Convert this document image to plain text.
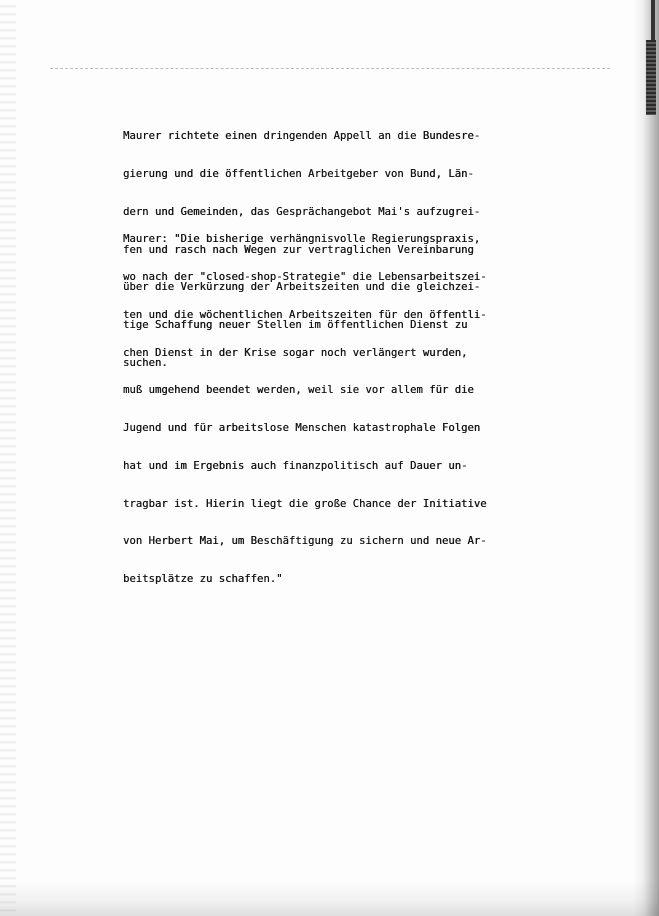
Maurer richtete einen dringenden Appell an die Bundesre-

gierung und die öffentlichen Arbeitgeber von Bund, Län-

dern und Gemeinden, das Gesprächangebot Mai's aufzugrei-

fen und rasch nach Wegen zur vertraglichen Vereinbarung

über die Verkürzung der Arbeitszeiten und die gleichzei-

tige Schaffung neuer Stellen im öffentlichen Dienst zu

suchen.

Maurer: "Die bisherige verhängnisvolle Regierungspraxis,

wo nach der "closed-shop-Strategie" die Lebensarbeitszei-

ten und die wöchentlichen Arbeitszeiten für den öffentli-

chen Dienst in der Krise sogar noch verlängert wurden,

muß umgehend beendet werden, weil sie vor allem für die

Jugend und für arbeitslose Menschen katastrophale Folgen

hat und im Ergebnis auch finanzpolitisch auf Dauer un-

tragbar ist. Hierin liegt die große Chance der Initiative

von Herbert Mai, um Beschäftigung zu sichern und neue Ar-

beitsplätze zu schaffen."
